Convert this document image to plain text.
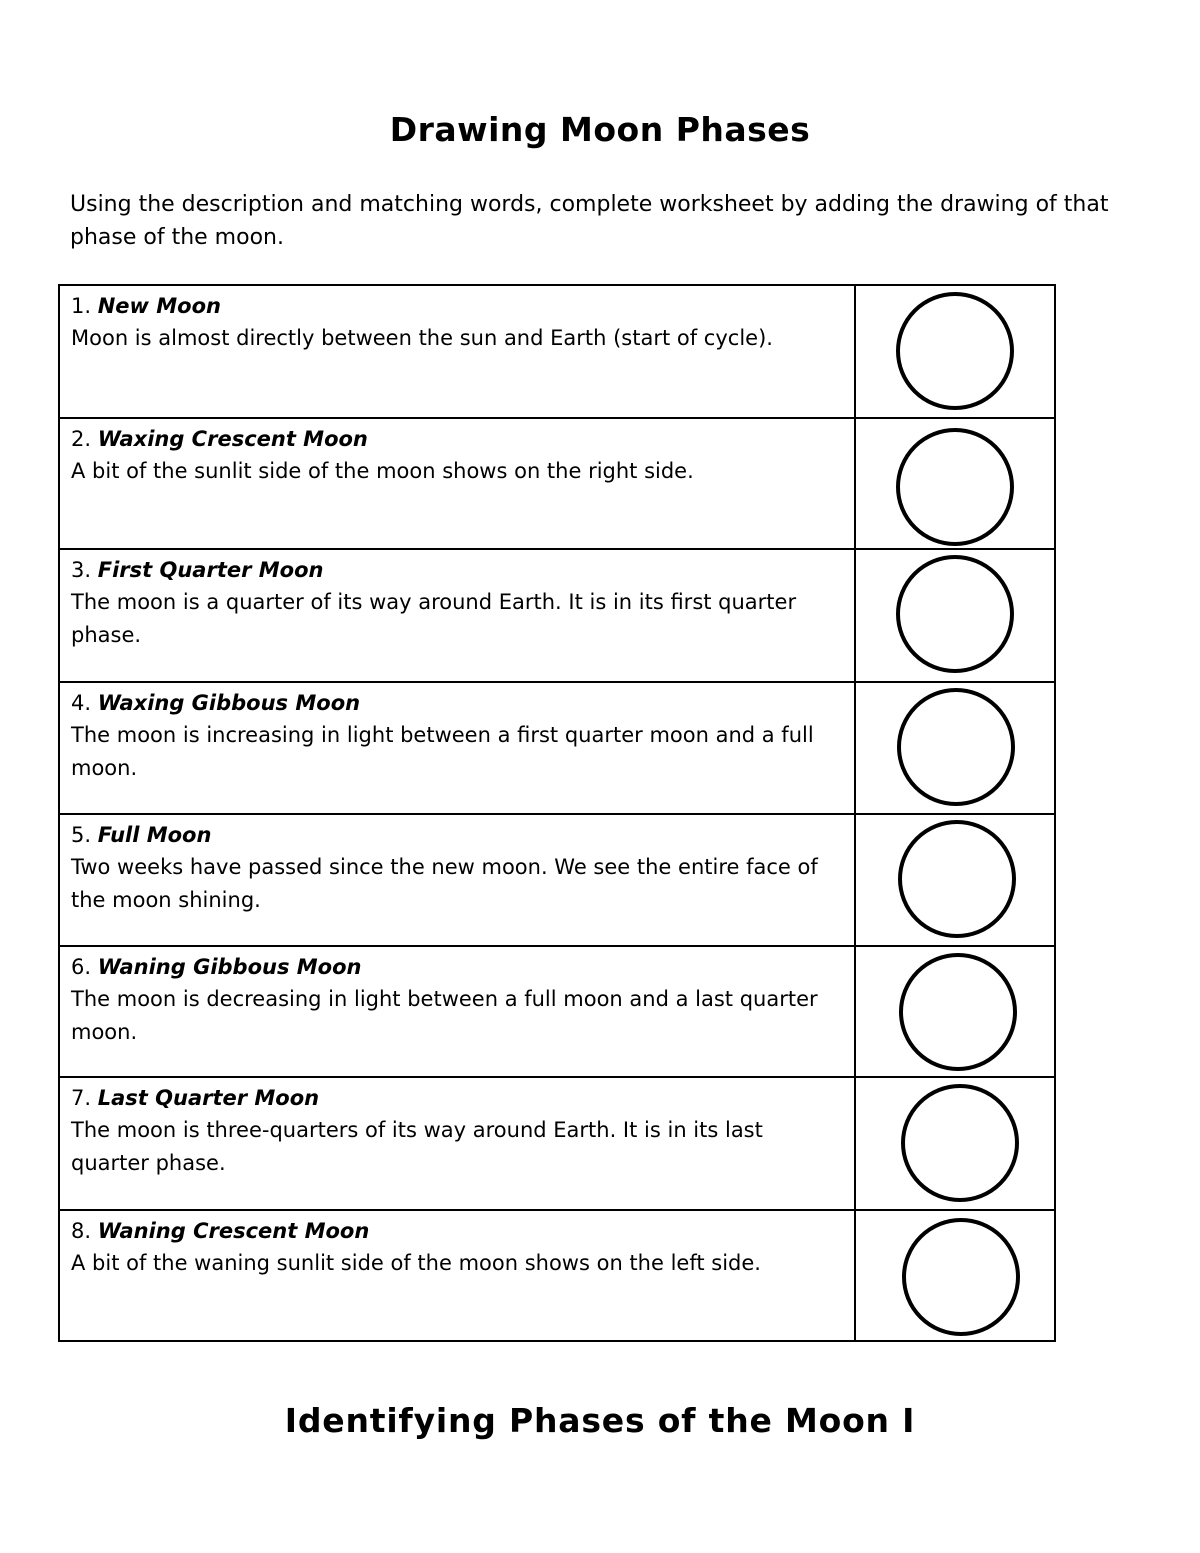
Drawing Moon Phases

Using the description and matching words, complete worksheet by adding the drawing of that phase of the moon.

1. New Moon
Moon is almost directly between the sun and Earth (start of cycle).	

2. Waxing Crescent Moon
A bit of the sunlit side of the moon shows on the right side.	

3. First Quarter Moon
The moon is a quarter of its way around Earth. It is in its first quarter phase.	

4. Waxing Gibbous Moon
The moon is increasing in light between a first quarter moon and a full moon.	

5. Full Moon
Two weeks have passed since the new moon. We see the entire face of the moon shining.	

6. Waning Gibbous Moon
The moon is decreasing in light between a full moon and a last quarter moon.	

7. Last Quarter Moon
The moon is three-quarters of its way around Earth. It is in its last quarter phase.	

8. Waning Crescent Moon
A bit of the waning sunlit side of the moon shows on the left side.	

Identifying Phases of the Moon I
